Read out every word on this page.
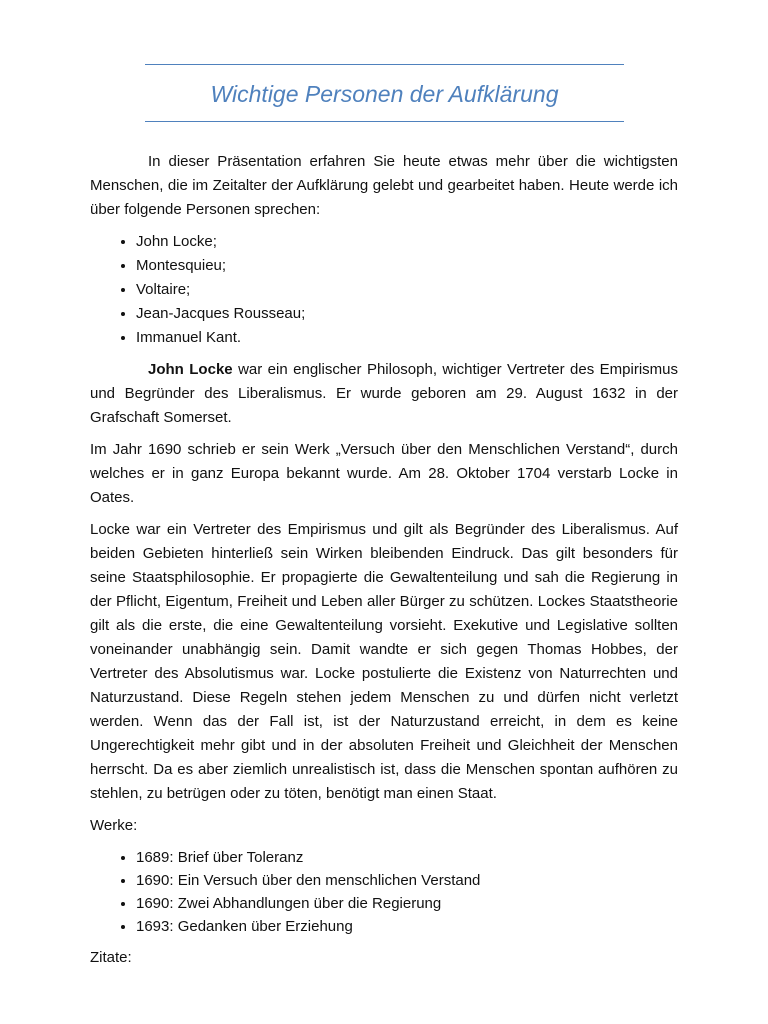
Wichtige Personen der Aufklärung

In dieser Präsentation erfahren Sie heute etwas mehr über die wichtigsten Menschen, die im Zeitalter der Aufklärung gelebt und gearbeitet haben. Heute werde ich über folgende Personen sprechen:

• John Locke;
• Montesquieu;
• Voltaire;
• Jean-Jacques Rousseau;
• Immanuel Kant.

John Locke war ein englischer Philosoph, wichtiger Vertreter des Empirismus und Begründer des Liberalismus. Er wurde geboren am 29. August 1632 in der Grafschaft Somerset.

Im Jahr 1690 schrieb er sein Werk „Versuch über den Menschlichen Verstand“, durch welches er in ganz Europa bekannt wurde. Am 28. Oktober 1704 verstarb Locke in Oates.

Locke war ein Vertreter des Empirismus und gilt als Begründer des Liberalismus. Auf beiden Gebieten hinterließ sein Wirken bleibenden Eindruck. Das gilt besonders für seine Staatsphilosophie. Er propagierte die Gewaltenteilung und sah die Regierung in der Pflicht, Eigentum, Freiheit und Leben aller Bürger zu schützen. Lockes Staatstheorie gilt als die erste, die eine Gewaltenteilung vorsieht. Exekutive und Legislative sollten voneinander unabhängig sein. Damit wandte er sich gegen Thomas Hobbes, der Vertreter des Absolutismus war. Locke postulierte die Existenz von Naturrechten und Naturzustand. Diese Regeln stehen jedem Menschen zu und dürfen nicht verletzt werden. Wenn das der Fall ist, ist der Naturzustand erreicht, in dem es keine Ungerechtigkeit mehr gibt und in der absoluten Freiheit und Gleichheit der Menschen herrscht. Da es aber ziemlich unrealistisch ist, dass die Menschen spontan aufhören zu stehlen, zu betrügen oder zu töten, benötigt man einen Staat.

Werke:

• 1689: Brief über Toleranz
• 1690: Ein Versuch über den menschlichen Verstand
• 1690: Zwei Abhandlungen über die Regierung
• 1693: Gedanken über Erziehung

Zitate:
